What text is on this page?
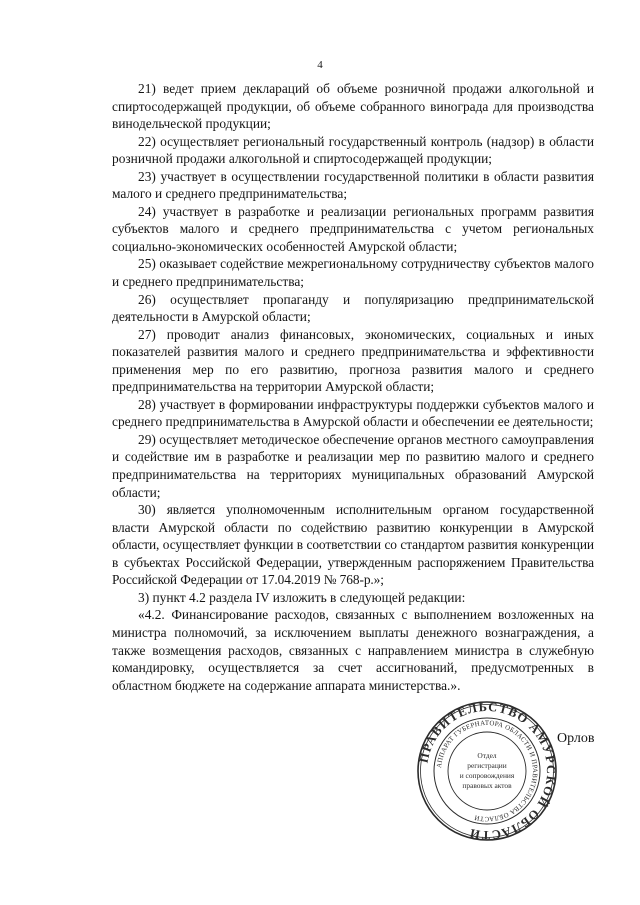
4

21) ведет прием деклараций об объеме розничной продажи алкогольной и спиртосодержащей продукции, об объеме собранного винограда для производства винодельческой продукции;

22) осуществляет региональный государственный контроль (надзор) в области розничной продажи алкогольной и спиртосодержащей продукции;

23) участвует в осуществлении государственной политики в области развития малого и среднего предпринимательства;

24) участвует в разработке и реализации региональных программ развития субъектов малого и среднего предпринимательства с учетом региональных социально-экономических особенностей Амурской области;

25) оказывает содействие межрегиональному сотрудничеству субъектов малого и среднего предпринимательства;

26) осуществляет пропаганду и популяризацию предпринимательской деятельности в Амурской области;

27) проводит анализ финансовых, экономических, социальных и иных показателей развития малого и среднего предпринимательства и эффективности применения мер по его развитию, прогноза развития малого и среднего предпринимательства на территории Амурской области;

28) участвует в формировании инфраструктуры поддержки субъектов малого и среднего предпринимательства в Амурской области и обеспечении ее деятельности;

29) осуществляет методическое обеспечение органов местного самоуправления и содействие им в разработке и реализации мер по развитию малого и среднего предпринимательства на территориях муниципальных образований Амурской области;

30) является уполномоченным исполнительным органом государственной власти Амурской области по содействию развитию конкуренции в Амурской области, осуществляет функции в соответствии со стандартом развития конкуренции в субъектах Российской Федерации, утвержденным распоряжением Правительства Российской Федерации от 17.04.2019 № 768-р.»;

3) пункт 4.2 раздела IV изложить в следующей редакции:

«4.2. Финансирование расходов, связанных с выполнением возложенных на министра полномочий, за исключением выплаты денежного вознаграждения, а также возмещения расходов, связанных с направлением министра в служебную командировку, осуществляется за счет ассигнований, предусмотренных в областном бюджете на содержание аппарата министерства.».

ПРАВИТЕЛЬСТВО АМУРСКОЙ ОБЛАСТИ
АППАРАТ ГУБЕРНАТОРА ОБЛАСТИ И ПРАВИТЕЛЬСТВА ОБЛАСТИ
Отдел
регистрации
и сопровождения
правовых актов
Орлов
